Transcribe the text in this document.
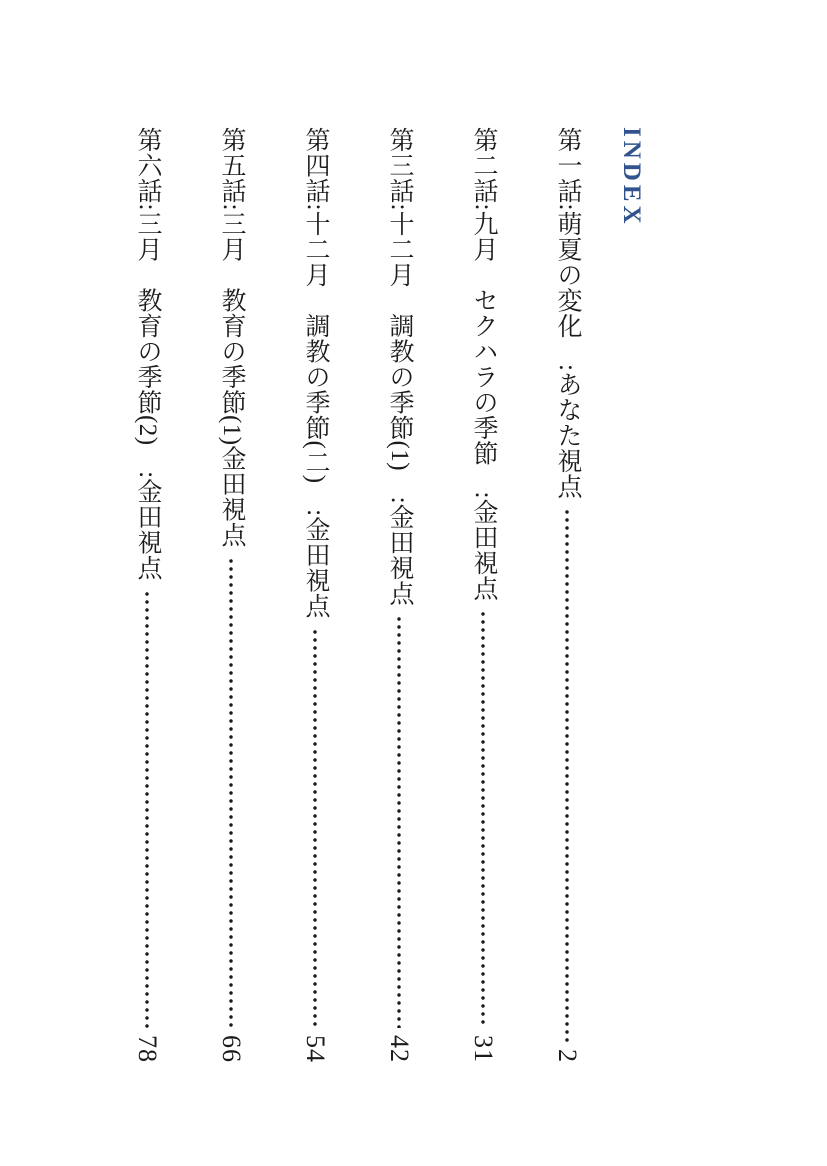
INDEX
第一話:萌夏の変化　:あなた視点
2
第二話:九月　セクハラの季節　:金田視点
31
第三話:十二月　調教の季節(1)　:金田視点
42
第四話:十二月　調教の季節(二)　:金田視点
54
第五話:三月　教育の季節(1)金田視点
66
第六話:三月　教育の季節(2)　:金田視点
78
